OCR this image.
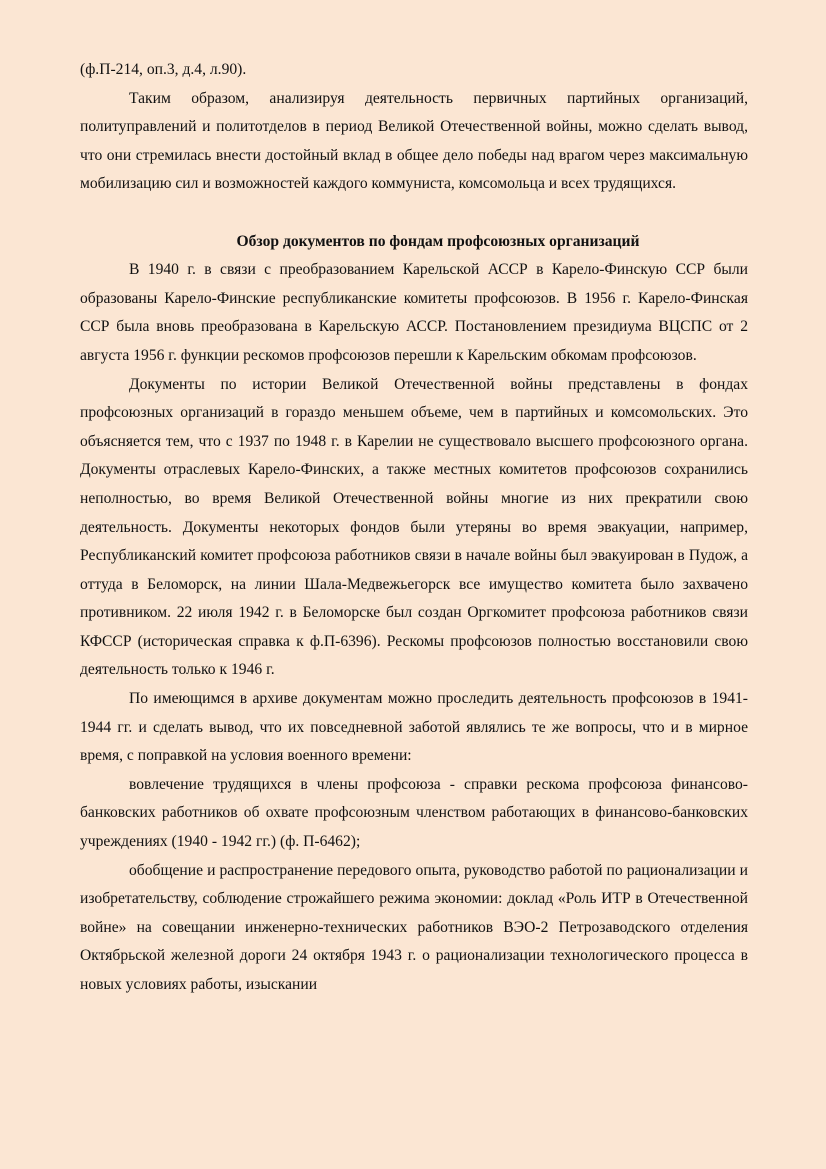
(ф.П-214, оп.3, д.4, л.90).

Таким образом, анализируя деятельность первичных партийных организаций, политуправлений и политотделов в период Великой Отечественной войны, можно сделать вывод, что они стремилась внести достойный вклад в общее дело победы над врагом через максимальную мобилизацию сил и возможностей каждого коммуниста, комсомольца и всех трудящихся.

Обзор документов по фондам профсоюзных организаций

В 1940 г. в связи с преобразованием Карельской АССР в Карело-Финскую ССР были образованы Карело-Финские республиканские комитеты профсоюзов. В 1956 г. Карело-Финская ССР была вновь преобразована в Карельскую АССР. Постановлением президиума ВЦСПС от 2 августа 1956 г. функции рескомов профсоюзов перешли к Карельским обкомам профсоюзов.

Документы по истории Великой Отечественной войны представлены в фондах профсоюзных организаций в гораздо меньшем объеме, чем в партийных и комсомольских. Это объясняется тем, что с 1937 по 1948 г. в Карелии не существовало высшего профсоюзного органа. Документы отраслевых Карело-Финских, а также местных комитетов профсоюзов сохранились неполностью, во время Великой Отечественной войны многие из них прекратили свою деятельность. Документы некоторых фондов были утеряны во время эвакуации, например, Республиканский комитет профсоюза работников связи в начале войны был эвакуирован в Пудож, а оттуда в Беломорск, на линии Шала-Медвежьегорск все имущество комитета было захвачено противником. 22 июля 1942 г. в Беломорске был создан Оргкомитет профсоюза работников связи КФССР (историческая справка к ф.П-6396). Рескомы профсоюзов полностью восстановили свою деятельность только к 1946 г.

По имеющимся в архиве документам можно проследить деятельность профсоюзов в 1941-1944 гг. и сделать вывод, что их повседневной заботой являлись те же вопросы, что и в мирное время, с поправкой на условия военного времени:

вовлечение трудящихся в члены профсоюза - справки рескома профсоюза финансово-банковских работников об охвате профсоюзным членством работающих в финансово-банковских учреждениях (1940 - 1942 гг.) (ф. П-6462);

обобщение и распространение передового опыта, руководство работой по рационализации и изобретательству, соблюдение строжайшего режима экономии: доклад «Роль ИТР в Отечественной войне» на совещании инженерно-технических работников ВЭО-2 Петрозаводского отделения Октябрьской железной дороги 24 октября 1943 г. о рационализации технологического процесса в новых условиях работы, изыскании
